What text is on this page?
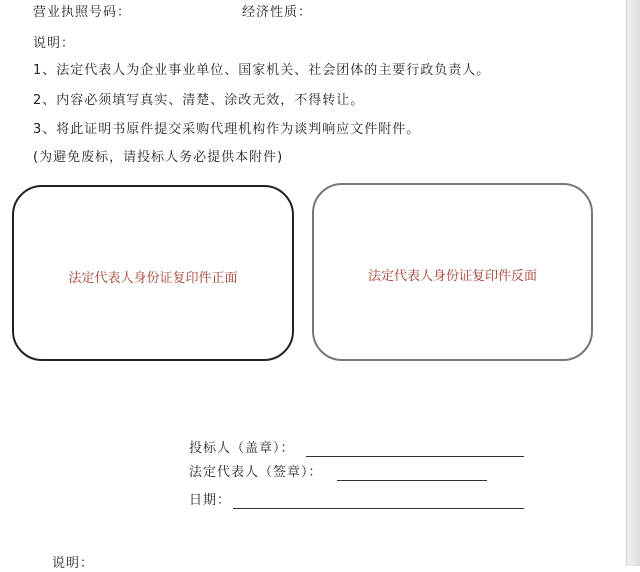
营业执照号码：	经济性质：
说明：
1、法定代表人为企业事业单位、国家机关、社会团体的主要行政负责人。
2、内容必须填写真实、清楚、涂改无效，不得转让。
3、将此证明书原件提交采购代理机构作为谈判响应文件附件。
(为避免废标，请投标人务必提供本附件)
法定代表人身份证复印件正面	法定代表人身份证复印件反面
投标人（盖章）：
法定代表人（签章）：
日期：
说明：
